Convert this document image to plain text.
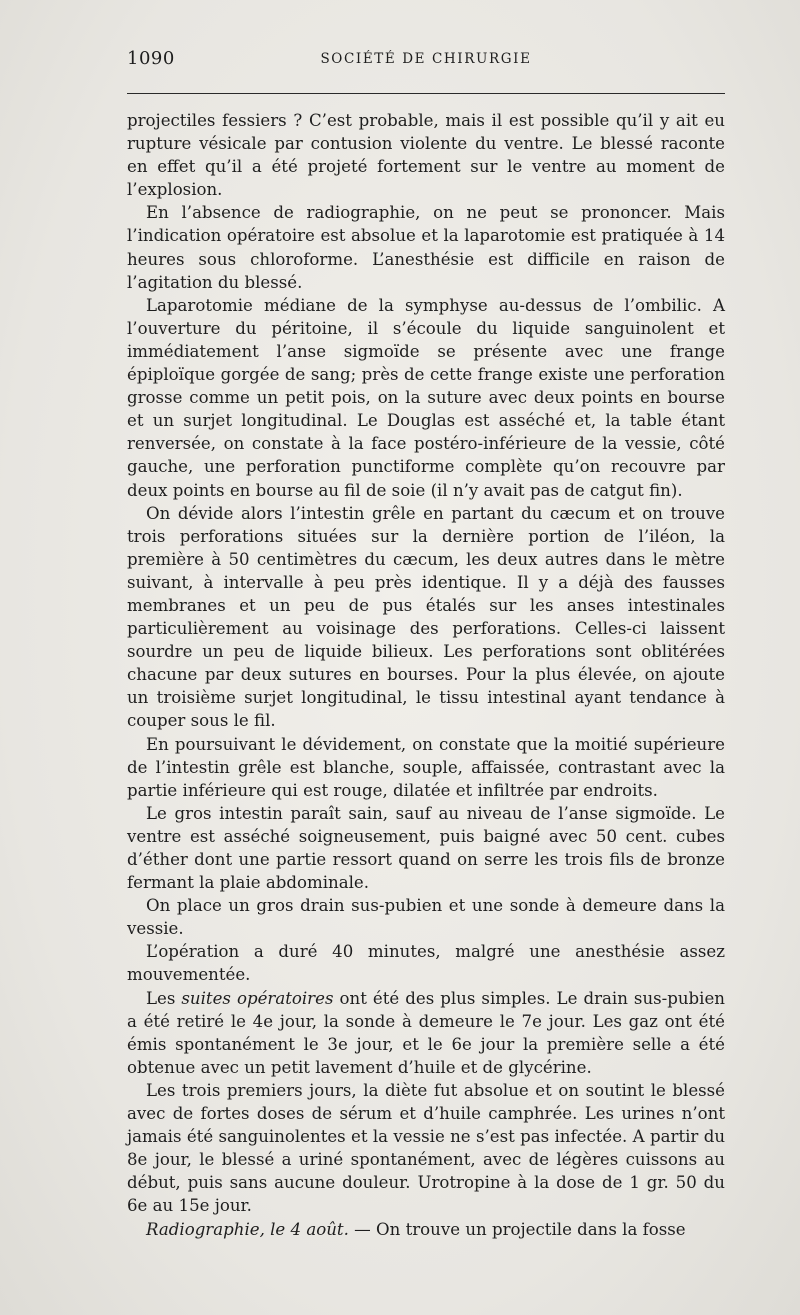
1090	SOCIÉTÉ DE CHIRURGIE

projectiles fessiers ? C’est probable, mais il est possible qu’il y ait eu rupture vésicale par contusion violente du ventre. Le blessé raconte en effet qu’il a été projeté fortement sur le ventre au moment de l’explosion.

En l’absence de radiographie, on ne peut se prononcer. Mais l’indication opératoire est absolue et la laparotomie est pratiquée à 14 heures sous chloroforme. L’anesthésie est difficile en raison de l’agitation du blessé.

Laparotomie médiane de la symphyse au-dessus de l’ombilic. A l’ouverture du péritoine, il s’écoule du liquide sanguinolent et immédiatement l’anse sigmoïde se présente avec une frange épiploïque gorgée de sang; près de cette frange existe une perforation grosse comme un petit pois, on la suture avec deux points en bourse et un surjet longitudinal. Le Douglas est asséché et, la table étant renversée, on constate à la face postéro-inférieure de la vessie, côté gauche, une perforation punctiforme complète qu’on recouvre par deux points en bourse au fil de soie (il n’y avait pas de catgut fin).

On dévide alors l’intestin grêle en partant du cæcum et on trouve trois perforations situées sur la dernière portion de l’iléon, la première à 50 centimètres du cæcum, les deux autres dans le mètre suivant, à intervalle à peu près identique. Il y a déjà des fausses membranes et un peu de pus étalés sur les anses intestinales particulièrement au voisinage des perforations. Celles-ci laissent sourdre un peu de liquide bilieux. Les perforations sont oblitérées chacune par deux sutures en bourses. Pour la plus élevée, on ajoute un troisième surjet longitudinal, le tissu intestinal ayant tendance à couper sous le fil.

En poursuivant le dévidement, on constate que la moitié supérieure de l’intestin grêle est blanche, souple, affaissée, contrastant avec la partie inférieure qui est rouge, dilatée et infiltrée par endroits.

Le gros intestin paraît sain, sauf au niveau de l’anse sigmoïde. Le ventre est asséché soigneusement, puis baigné avec 50 cent. cubes d’éther dont une partie ressort quand on serre les trois fils de bronze fermant la plaie abdominale.

On place un gros drain sus-pubien et une sonde à demeure dans la vessie.

L’opération a duré 40 minutes, malgré une anesthésie assez mouvementée.

Les suites opératoires ont été des plus simples. Le drain sus-pubien a été retiré le 4e jour, la sonde à demeure le 7e jour. Les gaz ont été émis spontanément le 3e jour, et le 6e jour la première selle a été obtenue avec un petit lavement d’huile et de glycérine.

Les trois premiers jours, la diète fut absolue et on soutint le blessé avec de fortes doses de sérum et d’huile camphrée. Les urines n’ont jamais été sanguinolentes et la vessie ne s’est pas infectée. A partir du 8e jour, le blessé a uriné spontanément, avec de légères cuissons au début, puis sans aucune douleur. Urotropine à la dose de 1 gr. 50 du 6e au 15e jour.

Radiographie, le 4 août. — On trouve un projectile dans la fosse
